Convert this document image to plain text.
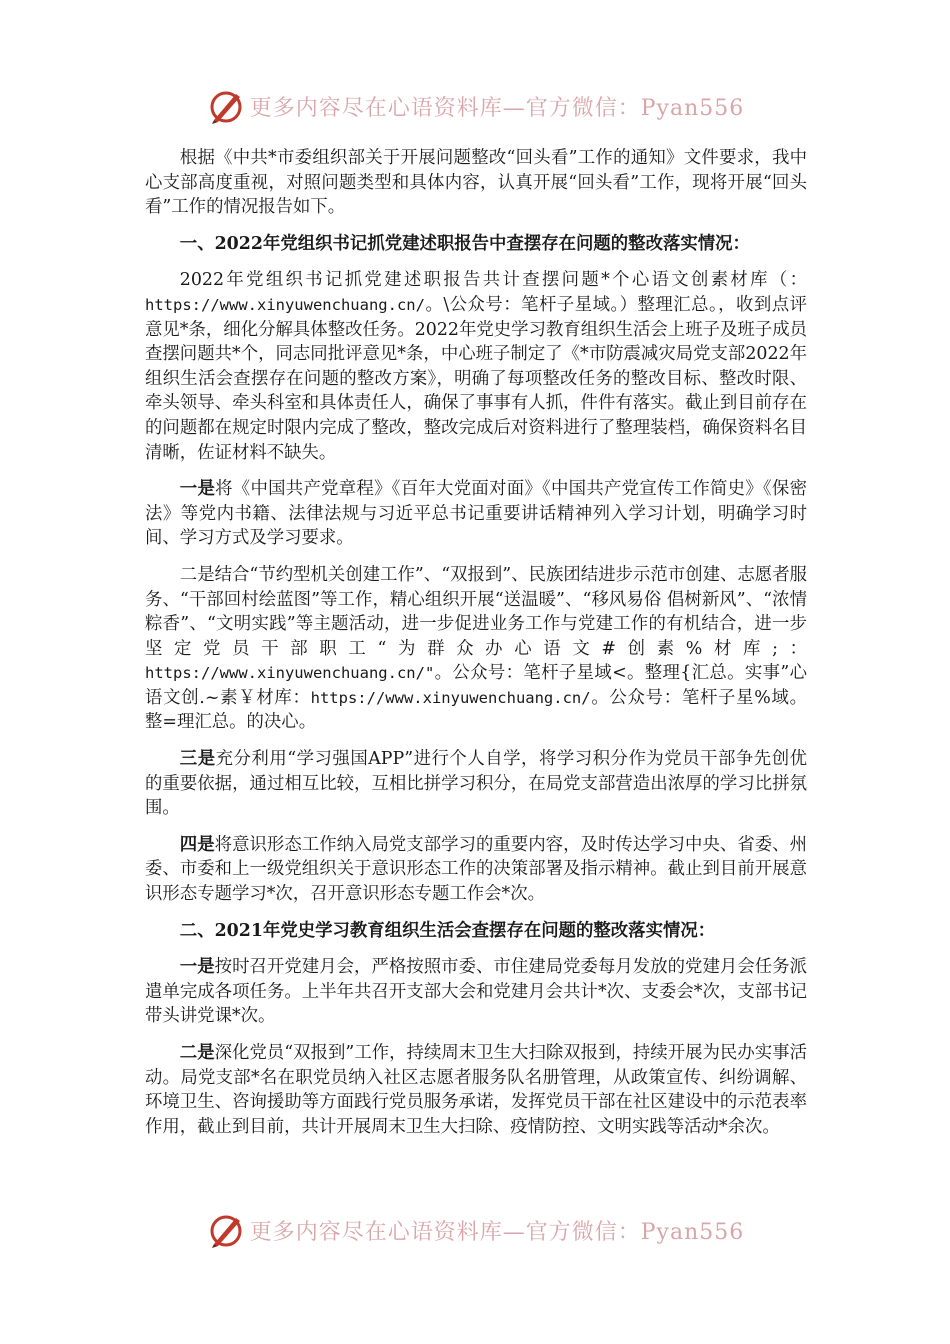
更多内容尽在心语资料库—官方微信：Pyan556

根据《中共*市委组织部关于开展问题整改“回头看”工作的通知》文件要求，我中心支部高度重视，对照问题类型和具体内容，认真开展“回头看”工作，现将开展“回头看”工作的情况报告如下。

一、2022年党组织书记抓党建述职报告中查摆存在问题的整改落实情况：

2022年党组织书记抓党建述职报告共计查摆问题*个心语文创素材库（：https://www.xinyuwenchuang.cn/。\公众号：笔杆子星域。）整理汇总。，收到点评意见*条，细化分解具体整改任务。2022年党史学习教育组织生活会上班子及班子成员查摆问题共*个，同志同批评意见*条，中心班子制定了《*市防震减灾局党支部2022年组织生活会查摆存在问题的整改方案》，明确了每项整改任务的整改目标、整改时限、牵头领导、牵头科室和具体责任人，确保了事事有人抓，件件有落实。截止到目前存在的问题都在规定时限内完成了整改，整改完成后对资料进行了整理装档，确保资料名目清晰，佐证材料不缺失。

一是将《中国共产党章程》《百年大党面对面》《中国共产党宣传工作简史》《保密法》等党内书籍、法律法规与习近平总书记重要讲话精神列入学习计划，明确学习时间、学习方式及学习要求。

二是结合“节约型机关创建工作”、“双报到”、民族团结进步示范市创建、志愿者服务、“干部回村绘蓝图”等工作，精心组织开展“送温暖”、“移风易俗 倡树新风”、“浓情粽香”、“文明实践”等主题活动，进一步促进业务工作与党建工作的有机结合，进一步坚定党员干部职工“为群众办心语文#创素%材库;：https://www.xinyuwenchuang.cn/"。公众号：笔杆子星域<。整理{汇总。实事”心语文创.~素￥材库：https://www.xinyuwenchuang.cn/。公众号：笔杆子星%域。整=理汇总。的决心。

三是充分利用“学习强国APP”进行个人自学，将学习积分作为党员干部争先创优的重要依据，通过相互比较，互相比拼学习积分，在局党支部营造出浓厚的学习比拼氛围。

四是将意识形态工作纳入局党支部学习的重要内容，及时传达学习中央、省委、州委、市委和上一级党组织关于意识形态工作的决策部署及指示精神。截止到目前开展意识形态专题学习*次，召开意识形态专题工作会*次。

二、2021年党史学习教育组织生活会查摆存在问题的整改落实情况：

一是按时召开党建月会，严格按照市委、市住建局党委每月发放的党建月会任务派遣单完成各项任务。上半年共召开支部大会和党建月会共计*次、支委会*次，支部书记带头讲党课*次。

二是深化党员“双报到”工作，持续周末卫生大扫除双报到，持续开展为民办实事活动。局党支部*名在职党员纳入社区志愿者服务队名册管理，从政策宣传、纠纷调解、环境卫生、咨询援助等方面践行党员服务承诺，发挥党员干部在社区建设中的示范表率作用，截止到目前，共计开展周末卫生大扫除、疫情防控、文明实践等活动*余次。

更多内容尽在心语资料库—官方微信：Pyan556
